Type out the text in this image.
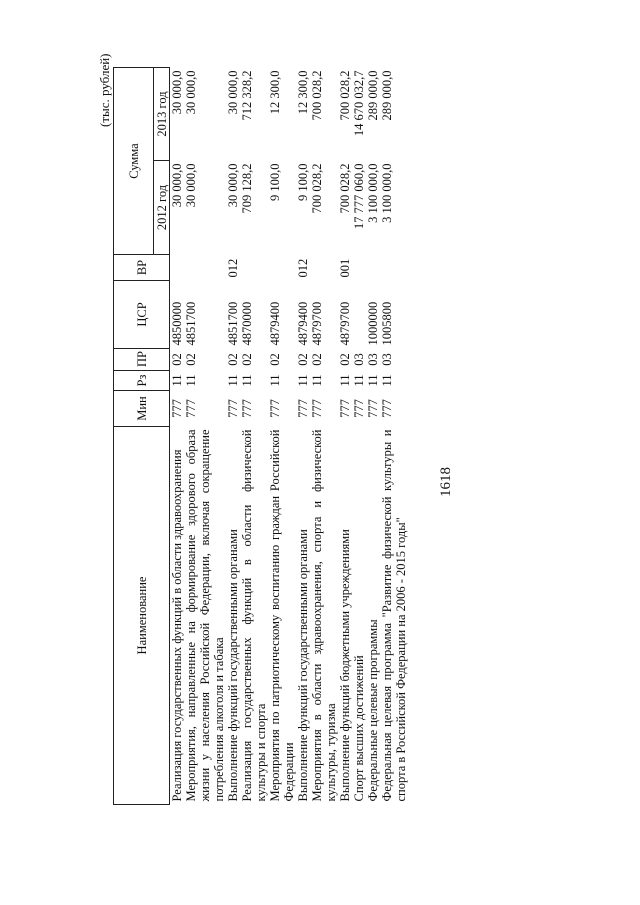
1618
(тыс. рублей)
Наименование	Мин	Рз	ПР	ЦСР	ВР	Сумма	
						2012 год	2013 год
Реализация государственных функций в области здравоохранения	777	11	02	4850000		30 000,0	30 000,0
Мероприятия, направленные на формирование здорового образа жизни у населения Российской Федерации, включая сокращение потребления алкоголя и табака	777	11	02	4851700		30 000,0	30 000,0
Выполнение функций государственными органами	777	11	02	4851700	012	30 000,0	30 000,0
Реализация государственных функций в области физической культуры и спорта	777	11	02	4870000		709 128,2	712 328,2
Мероприятия по патриотическому воспитанию граждан Российской Федерации	777	11	02	4879400		9 100,0	12 300,0
Выполнение функций государственными органами	777	11	02	4879400	012	9 100,0	12 300,0
Мероприятия в области здравоохранения, спорта и физической культуры, туризма	777	11	02	4879700		700 028,2	700 028,2
Выполнение функций бюджетными учреждениями	777	11	02	4879700	001	700 028,2	700 028,2
Спорт высших достижений	777	11	03			17 777 060,0	14 670 032,7
Федеральные целевые программы	777	11	03	1000000		3 100 000,0	289 000,0
Федеральная целевая программа "Развитие физической культуры и спорта в Российской Федерации на 2006 - 2015 годы"	777	11	03	1005800		3 100 000,0	289 000,0
